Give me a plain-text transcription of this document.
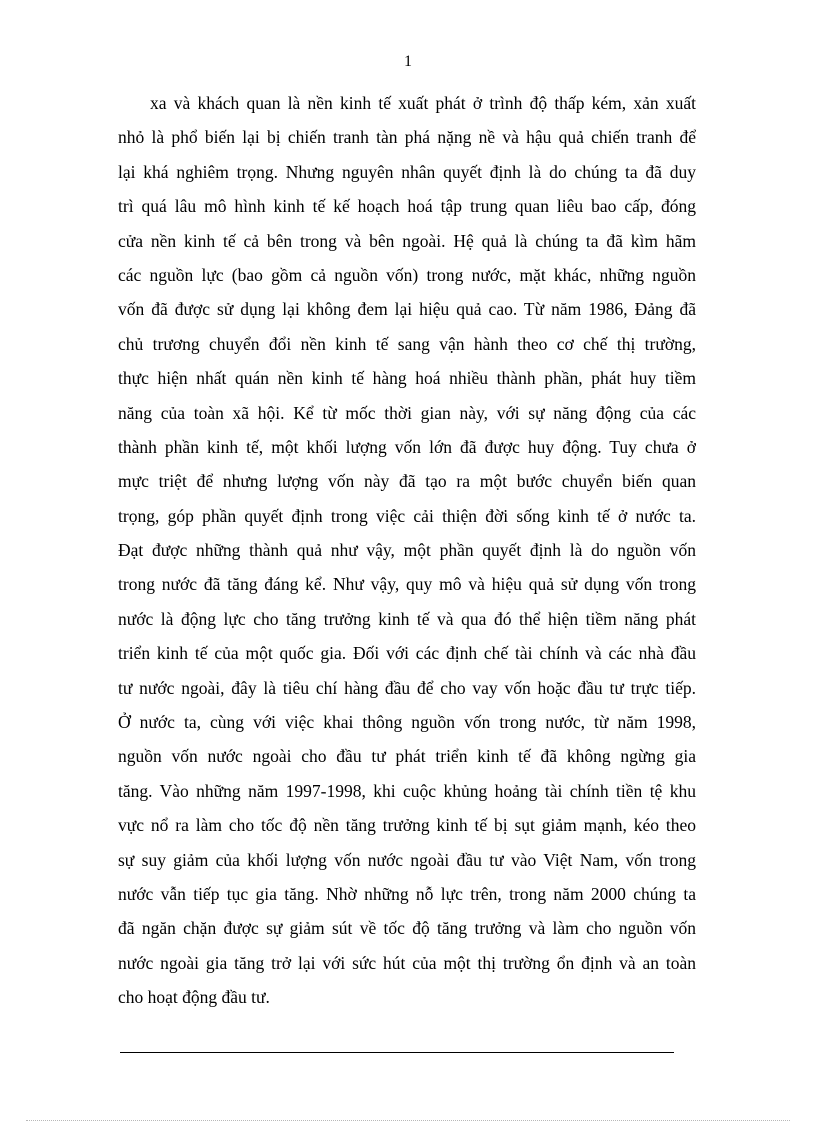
1
xa và khách quan là nền kinh tế xuất phát ở trình độ thấp kém, xản xuất
nhỏ là phổ biến lại bị chiến tranh tàn phá nặng nề và hậu quả chiến tranh để
lại khá nghiêm trọng. Nhưng nguyên nhân quyết định là do chúng ta đã duy
trì quá lâu mô hình kinh tế kế hoạch hoá tập trung quan liêu bao cấp, đóng
cửa nền kinh tế cả bên trong và bên ngoài. Hệ quả là chúng ta đã kìm hãm
các nguồn lực (bao gồm cả nguồn vốn) trong nước, mặt khác, những nguồn
vốn đã được sử dụng lại không đem lại hiệu quả cao. Từ năm 1986, Đảng đã
chủ trương chuyển đổi nền kinh tế sang vận hành theo cơ chế thị trường,
thực hiện nhất quán nền kinh tế hàng hoá nhiều thành phần, phát huy tiềm
năng của toàn xã hội. Kể từ mốc thời gian này, với sự năng động của các
thành phần kinh tế, một khối lượng vốn lớn đã được huy động. Tuy chưa ở
mực triệt để nhưng lượng vốn này đã tạo ra một bước chuyển biến quan
trọng, góp phần quyết định trong việc cải thiện đời sống kinh tế ở nước ta.
Đạt được những thành quả như vậy, một phần quyết định là do nguồn vốn
trong nước đã tăng đáng kể. Như vậy, quy mô và hiệu quả sử dụng vốn trong
nước là động lực cho tăng trưởng kinh tế và qua đó thể hiện tiềm năng phát
triển kinh tế của một quốc gia. Đối với các định chế tài chính và các nhà đầu
tư nước ngoài, đây là tiêu chí hàng đầu để cho vay vốn hoặc đầu tư trực tiếp.
Ở nước ta, cùng với việc khai thông nguồn vốn trong nước, từ năm 1998,
nguồn vốn nước ngoài cho đầu tư phát triển kinh tế đã không ngừng gia
tăng. Vào những năm 1997-1998, khi cuộc khủng hoảng tài chính tiền tệ khu
vực nổ ra làm cho tốc độ nền tăng trưởng kinh tế bị sụt giảm mạnh, kéo theo
sự suy giảm của khối lượng vốn nước ngoài đầu tư vào Việt Nam, vốn trong
nước vẫn tiếp tục gia tăng. Nhờ những nỗ lực trên, trong năm 2000 chúng ta
đã ngăn chặn được sự giảm sút về tốc độ tăng trưởng và làm cho nguồn vốn
nước ngoài gia tăng trở lại với sức hút của một thị trường ổn định và an toàn
cho hoạt động đầu tư.
